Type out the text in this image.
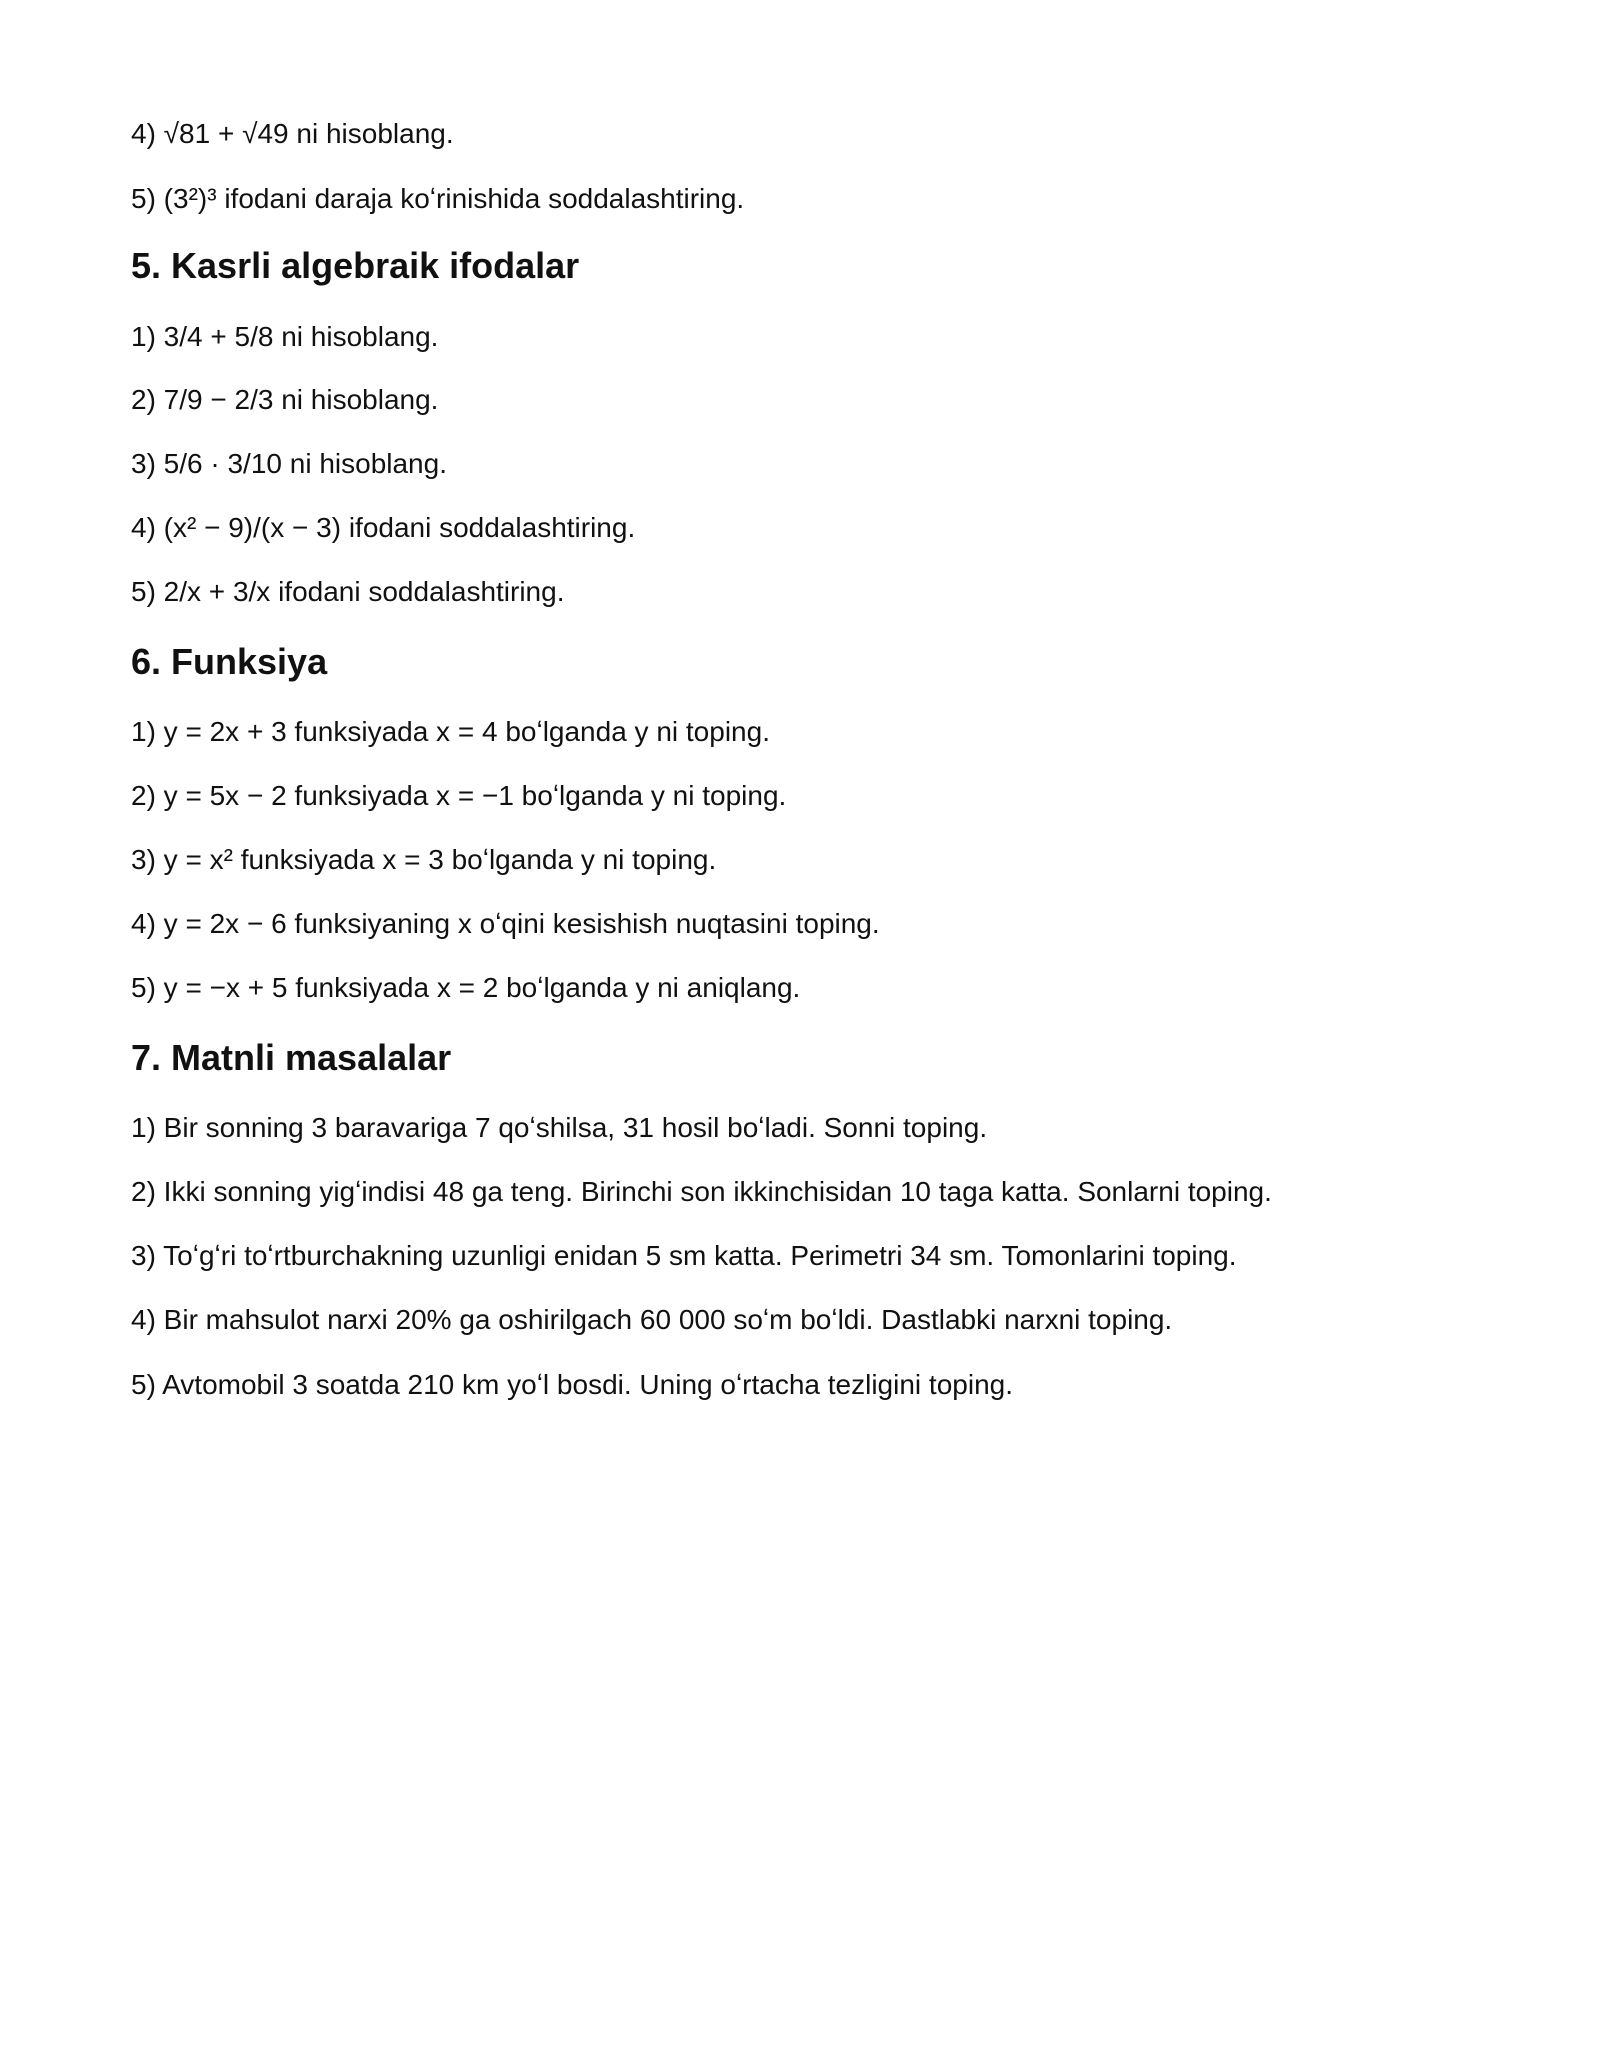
4) √81 + √49 ni hisoblang.
5) (3²)³ ifodani daraja koʻrinishida soddalashtiring.
5. Kasrli algebraik ifodalar
1) 3/4 + 5/8 ni hisoblang.
2) 7/9 − 2/3 ni hisoblang.
3) 5/6 · 3/10 ni hisoblang.
4) (x² − 9)/(x − 3) ifodani soddalashtiring.
5) 2/x + 3/x ifodani soddalashtiring.
6. Funksiya
1) y = 2x + 3 funksiyada x = 4 boʻlganda y ni toping.
2) y = 5x − 2 funksiyada x = −1 boʻlganda y ni toping.
3) y = x² funksiyada x = 3 boʻlganda y ni toping.
4) y = 2x − 6 funksiyaning x oʻqini kesishish nuqtasini toping.
5) y = −x + 5 funksiyada x = 2 boʻlganda y ni aniqlang.
7. Matnli masalalar
1) Bir sonning 3 baravariga 7 qoʻshilsa, 31 hosil boʻladi. Sonni toping.
2) Ikki sonning yigʻindisi 48 ga teng. Birinchi son ikkinchisidan 10 taga katta. Sonlarni toping.
3) Toʻgʻri toʻrtburchakning uzunligi enidan 5 sm katta. Perimetri 34 sm. Tomonlarini toping.
4) Bir mahsulot narxi 20% ga oshirilgach 60 000 soʻm boʻldi. Dastlabki narxni toping.
5) Avtomobil 3 soatda 210 km yoʻl bosdi. Uning oʻrtacha tezligini toping.
